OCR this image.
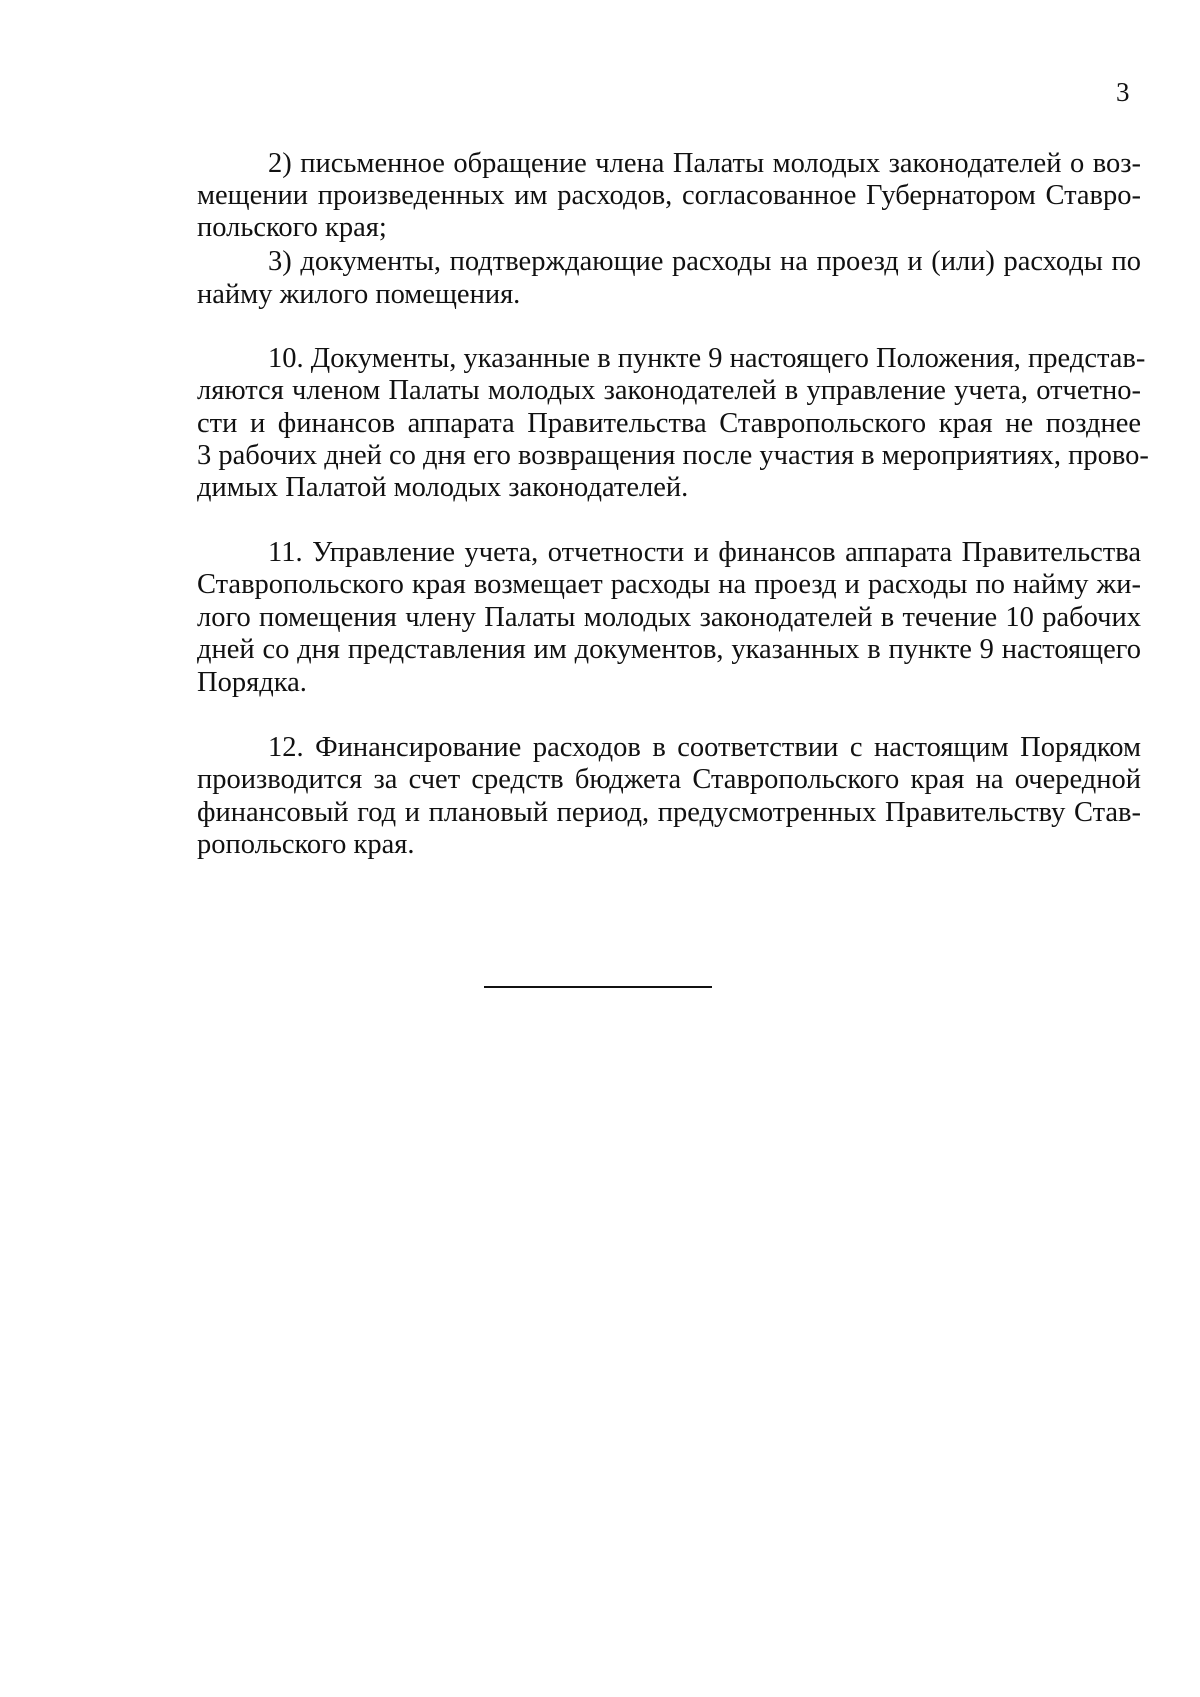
3
2) письменное обращение члена Палаты молодых законодателей о воз-
мещении произведенных им расходов, согласованное Губернатором Ставро-
польского края;
3) документы, подтверждающие расходы на проезд и (или) расходы по
найму жилого помещения.
10. Документы, указанные в пункте 9 настоящего Положения, представ-
ляются членом Палаты молодых законодателей в управление учета, отчетно-
сти и финансов аппарата Правительства Ставропольского края не позднее
3 рабочих дней со дня его возвращения после участия в мероприятиях, прово-
димых Палатой молодых законодателей.
11. Управление учета, отчетности и финансов аппарата Правительства
Ставропольского края возмещает расходы на проезд и расходы по найму жи-
лого помещения члену Палаты молодых законодателей в течение 10 рабочих
дней со дня представления им документов, указанных в пункте 9 настоящего
Порядка.
12. Финансирование расходов в соответствии с настоящим Порядком
производится за счет средств бюджета Ставропольского края на очередной
финансовый год и плановый период, предусмотренных Правительству Став-
ропольского края.
